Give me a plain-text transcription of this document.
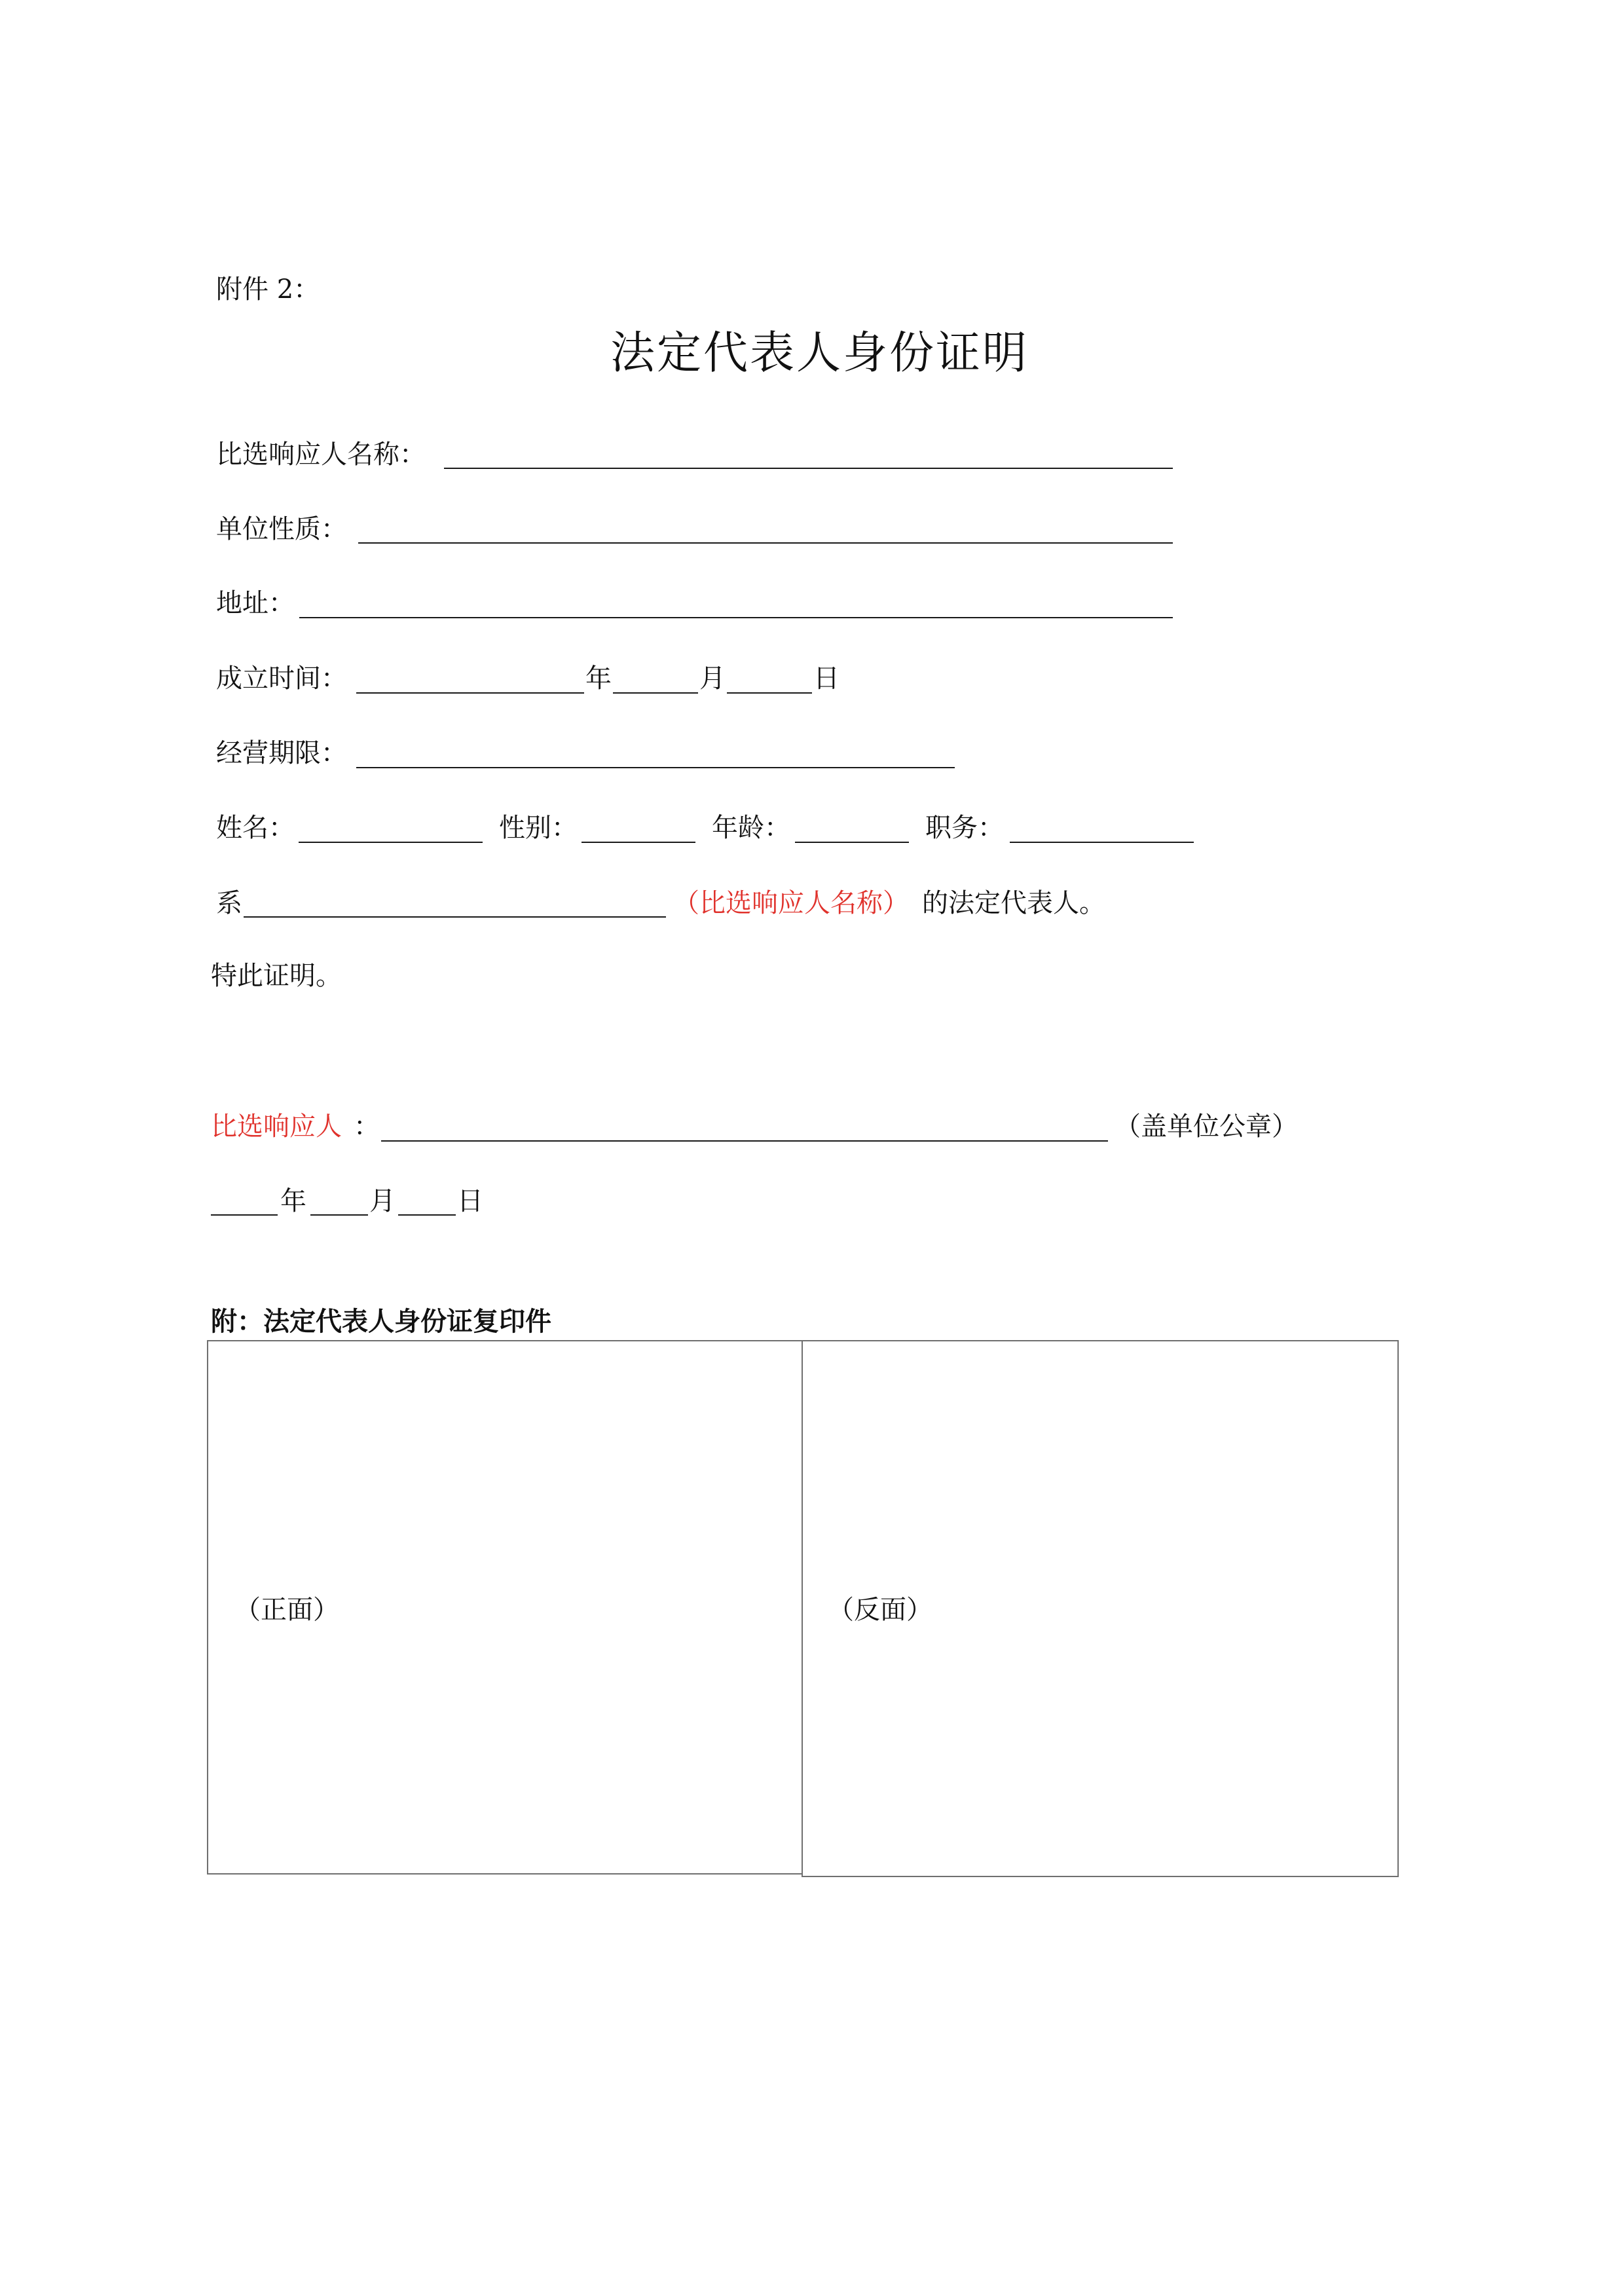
附件 2：
法定代表人身份证明
比选响应人名称：
单位性质：
地址：
成立时间：	年	月	日
经营期限：
姓名：	性别：	年龄：	职务：
系	（比选响应人名称） 的法定代表人。
特此证明。
比选响应人 ：	（盖单位公章）
年 月 日
附：法定代表人身份证复印件
（正面）	（反面）
